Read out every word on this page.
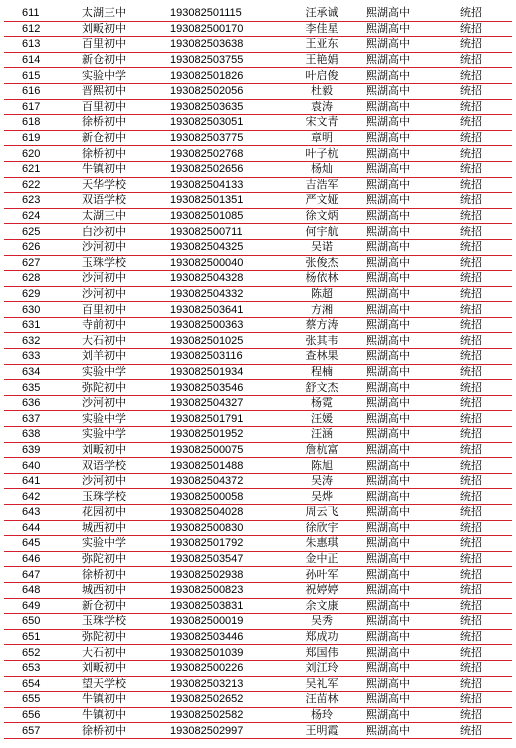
611	太湖三中	193082501115	汪承诚	熙湖高中	统招
612	刘畈初中	193082500170	李佳星	熙湖高中	统招
613	百里初中	193082503638	王亚东	熙湖高中	统招
614	新仓初中	193082503755	王艳娟	熙湖高中	统招
615	实验中学	193082501826	叶启俊	熙湖高中	统招
616	晋熙初中	193082502056	杜毅	熙湖高中	统招
617	百里初中	193082503635	袁涛	熙湖高中	统招
618	徐桥初中	193082503051	宋文青	熙湖高中	统招
619	新仓初中	193082503775	章明	熙湖高中	统招
620	徐桥初中	193082502768	叶子杭	熙湖高中	统招
621	牛镇初中	193082502656	杨灿	熙湖高中	统招
622	天华学校	193082504133	吉浩军	熙湖高中	统招
623	双语学校	193082501351	严文娅	熙湖高中	统招
624	太湖三中	193082501085	徐文炳	熙湖高中	统招
625	白沙初中	193082500711	何宇航	熙湖高中	统招
626	沙河初中	193082504325	吴诺	熙湖高中	统招
627	玉珠学校	193082500040	张俊杰	熙湖高中	统招
628	沙河初中	193082504328	杨依林	熙湖高中	统招
629	沙河初中	193082504332	陈超	熙湖高中	统招
630	百里初中	193082503641	方湘	熙湖高中	统招
631	寺前初中	193082500363	蔡方涛	熙湖高中	统招
632	大石初中	193082501025	张其韦	熙湖高中	统招
633	刘羊初中	193082503116	查林果	熙湖高中	统招
634	实验中学	193082501934	程楠	熙湖高中	统招
635	弥陀初中	193082503546	舒文杰	熙湖高中	统招
636	沙河初中	193082504327	杨霓	熙湖高中	统招
637	实验中学	193082501791	汪媛	熙湖高中	统招
638	实验中学	193082501952	汪涵	熙湖高中	统招
639	刘畈初中	193082500075	詹杭富	熙湖高中	统招
640	双语学校	193082501488	陈旭	熙湖高中	统招
641	沙河初中	193082504372	吴涛	熙湖高中	统招
642	玉珠学校	193082500058	吴烨	熙湖高中	统招
643	花园初中	193082504028	周云飞	熙湖高中	统招
644	城西初中	193082500830	徐欣宇	熙湖高中	统招
645	实验中学	193082501792	朱惠琪	熙湖高中	统招
646	弥陀初中	193082503547	金中正	熙湖高中	统招
647	徐桥初中	193082502938	孙叶军	熙湖高中	统招
648	城西初中	193082500823	祝婷婷	熙湖高中	统招
649	新仓初中	193082503831	余文康	熙湖高中	统招
650	玉珠学校	193082500019	吴秀	熙湖高中	统招
651	弥陀初中	193082503446	郑成功	熙湖高中	统招
652	大石初中	193082501039	郑国伟	熙湖高中	统招
653	刘畈初中	193082500226	刘江玲	熙湖高中	统招
654	望天学校	193082503213	吴礼军	熙湖高中	统招
655	牛镇初中	193082502652	汪苗林	熙湖高中	统招
656	牛镇初中	193082502582	杨玲	熙湖高中	统招
657	徐桥初中	193082502997	王明霞	熙湖高中	统招
